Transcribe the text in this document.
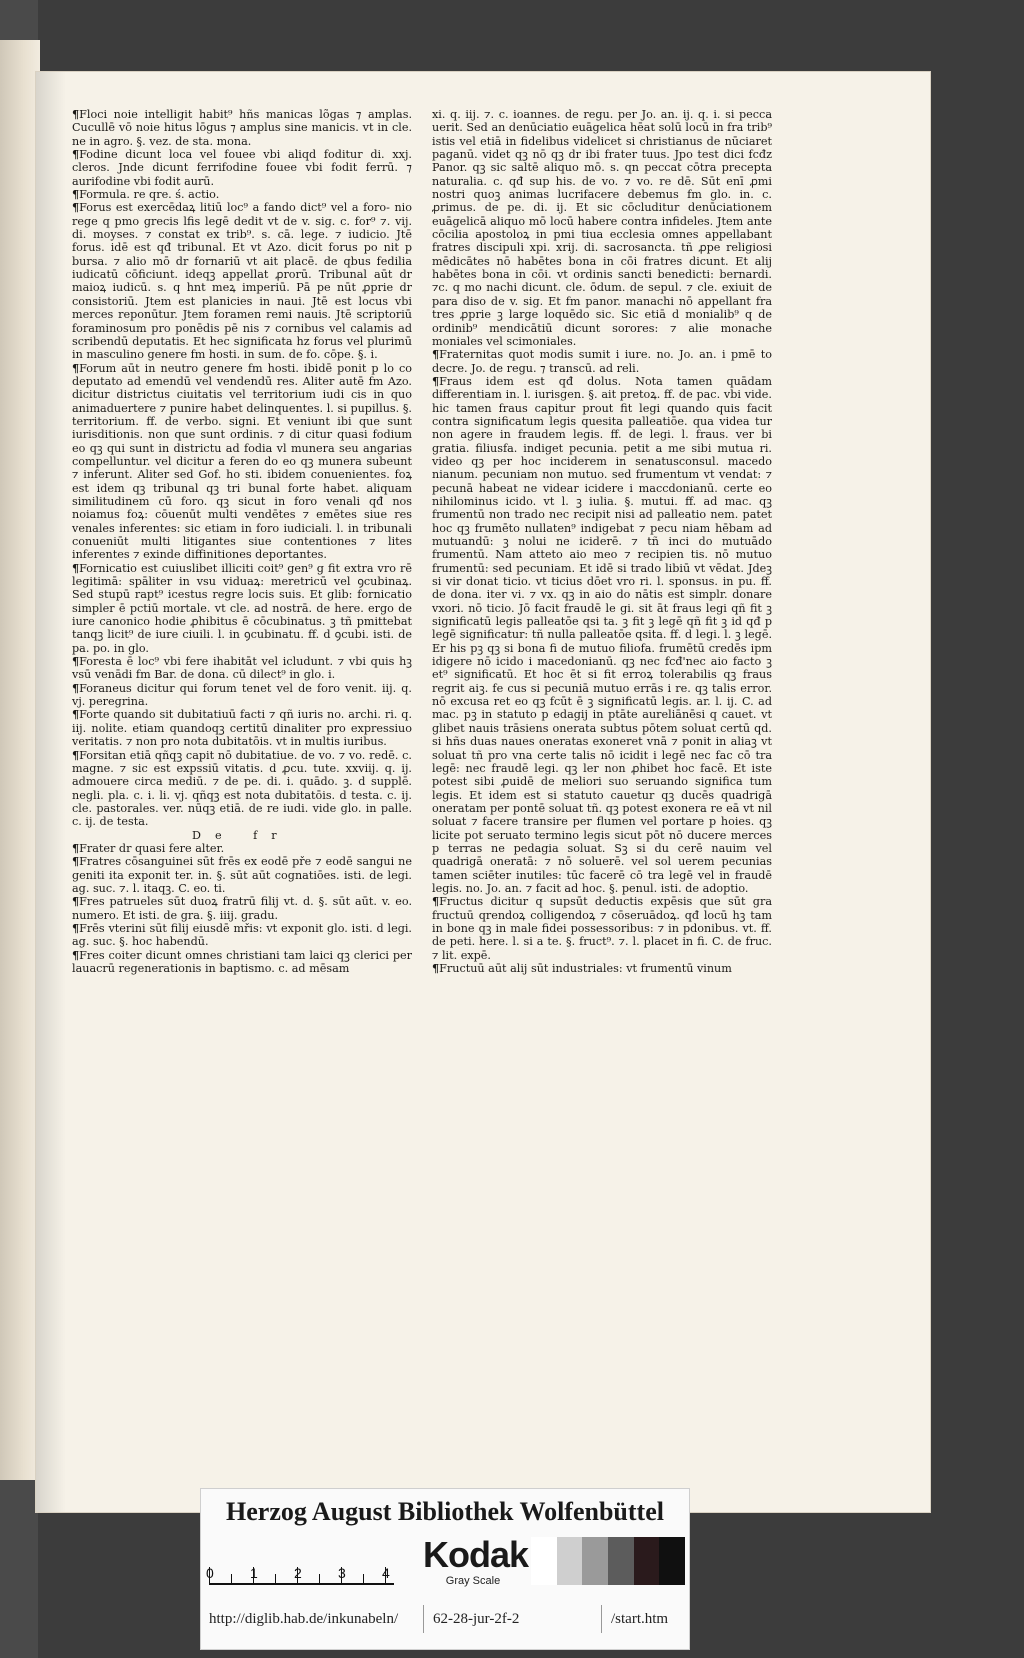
¶ Floci noie intelligit habit⁹ hñs manicas lõgas ⁊ amplas. Cucullē vō noie hitus lōgus ⁊ amplus sine manicis. vt in cle. ne in agro. §. vez. de sta. mona.

¶ Fodine dicunt loca vel fouee vbi aliqd foditur di. xxj. cleros. Jnde dicunt ferrifodine fouee vbi fodit ferrū. ⁊ aurifodine vbi fodit aurū.

¶ Formula. re qre. ś. actio.

¶ Forus est exercēdaꝝ litiū loc⁹ a fando dict⁹ vel a foro- nio rege q pmo grecis lfis legē dedit vt de v. sig. c. for⁹ ⁊. vij. di. moyses. ⁊ constat ex trib⁹. s. cā. lege. ⁊ iudicio. Jtē forus. idē est qđ tribunal. Et vt Azo. dicit forus po nit p bursa. ⁊ alio mō dr fornariū vt ait placē. de qbus fedilia iudicatū cōficiunt. ideqꝫ appellat ꝓrorū. Tribunal aūt dr maioꝝ iudicū. s. q hnt meꝝ imperiū. Pā pe nūt ꝓprie dr consistoriū. Jtem est planicies in naui. Jtē est locus vbi merces reponūtur. Jtem foramen remi nauis. Jtē scriptoriū foraminosum pro ponēdis pē nis ⁊ cornibus vel calamis ad scribendū deputatis. Et hec significata hz forus vel plurimū in masculino genere fm hosti. in sum. de fo. cōpe. §. i.

¶ Forum aūt in neutro genere fm hosti. ibidē ponit p lo co deputato ad emendū vel vendendū res. Aliter autē fm Azo. dicitur districtus ciuitatis vel territorium iudi cis in quo animaduertere ⁊ punire habet delinquentes. l. si pupillus. §. territorium. ff. de verbo. signi. Et veniunt ibi que sunt iurisditionis. non que sunt ordinis. ⁊ di citur quasi fodium eo qꝫ qui sunt in districtu ad fodia vl munera seu angarias compelluntur. vel dicitur a feren do eo qꝫ munera subeunt ⁊ inferunt. Aliter sed Gof. ho sti. ibidem conuenientes. foꝝ est idem qꝫ tribunal qꝫ tri bunal forte habet. aliquam similitudinem cū foro. qꝫ sicut in foro venali qđ nos noiamus foꝝ: cōuenūt multi vendētes ⁊ emētes siue res venales inferentes: sic etiam in foro iudiciali. l. in tribunali conueniūt multi litigantes siue contentiones ⁊ lites inferentes ⁊ exinde diffinitiones deportantes.

¶ Fornicatio est cuiuslibet illiciti coit⁹ gen⁹ g fit extra vro rē legitimā: spāliter in vsu viduaꝝ: meretricū vel ꝯcubinaꝝ. Sed stupū rapt⁹ icestus regre locis suis. Et glib: fornicatio simpler ē pctiū mortale. vt cle. ad nostrā. de here. ergo de iure canonico hodie ꝓhibitus ē cōcubinatus. ꝫ tñ pmittebat tanqꝫ licit⁹ de iure ciuili. l. in ꝯcubinatu. ff. d ꝯcubi. isti. de pa. po. in glo.

¶ Foresta ē loc⁹ vbi fere ihabitāt vel icludunt. ⁊ vbi quis hꝫ vsū venādi fm Bar. de dona. cū dilect⁹ in glo. i.

¶ Foraneus dicitur qui forum tenet vel de foro venit. iij. q. vj. peregrina.

¶ Forte quando sit dubitatiuū facti ⁊ qñ iuris no. archi. ri. q. iij. nolite. etiam quandoqꝫ certitū dinaliter pro expressiuo veritatis. ⁊ non pro nota dubitatōis. vt in multis iuribus.

¶ Forsitan etiā qñqꝫ capit nō dubitatiue. de vo. ⁊ vo. redē. c. magne. ⁊ sic est expssiū vitatis. d ꝓcu. tute. xxviij. q. ij. admouere circa mediū. ⁊ de pe. di. i. quādo. ꝫ. d supplē. negli. pla. c. i. li. vj. qñqꝫ est nota dubitatōis. d testa. c. ij. cle. pastorales. ver. nūqꝫ etiā. de re iudi. vide glo. in palle. c. ij. de testa.

De fr

¶ Frater dr quasi fere alter.

¶ Fratres cōsanguinei sūt frēs ex eodē pře ⁊ eodē sangui ne geniti ita exponit ter. in. §. sūt aūt cognatiōes. isti. de legi. ag. suc. ⁊. l. itaqꝫ. C. eo. ti.

¶ Fres patrueles sūt duoꝝ fratrū filij vt. d. §. sūt aūt. v. eo. numero. Et isti. de gra. §. iiij. gradu.

¶ Frēs vterini sūt filij eiusdē mřis: vt exponit glo. isti. d legi. ag. suc. §. hoc habendū.

¶ Fres coiter dicunt omnes christiani tam laici qꝫ clerici per lauacrū regenerationis in baptismo. c. ad mēsam

xi. q. iij. ⁊. c. ioannes. de regu. per Jo. an. ij. q. i. si pecca uerit. Sed an denūciatio euāgelica hēat solū locū in fra trib⁹ istis vel etiā in fidelibus videlicet si christianus de nūciaret paganū. videt qꝫ nō qꝫ dr ibi frater tuus. Jpo test dici fcđz Panor. qꝫ sic saltē aliquo mō. s. qn peccat cōtra precepta naturalia. c. qđ sup his. de vo. ⁊ vo. re dē. Sūt enī ꝓmi nostri quoꝫ animas lucrifacere debemus fm glo. in. c. ꝓrimus. de pe. di. ij. Et sic cōcluditur denūciationem euāgelicā aliquo mō locū habere contra infideles. Jtem ante cōcilia apostoloꝝ in pmi tiua ecclesia omnes appellabant fratres discipuli xpi. xrij. di. sacrosancta. tñ ꝓpe religiosi mēdicātes nō habētes bona in cōi fratres dicunt. Et alij habētes bona in cōi. vt ordinis sancti benedicti: bernardi. ⁊c. q mo nachi dicunt. cle. ōdum. de sepul. ⁊ cle. exiuit de para diso de v. sig. Et fm panor. manachi nō appellant fra tres ꝓprie ꝫ large loquēdo sic. Sic etiā d monialib⁹ q de ordinib⁹ mendicātiū dicunt sorores: ⁊ alie monache moniales vel scimoniales.

¶ Fraternitas quot modis sumit i iure. no. Jo. an. i pmē to decre. Jo. de regu. ⁊ transcū. ad reli.

¶ Fraus idem est qđ dolus. Nota tamen quādam differentiam in. l. iurisgen. §. ait pretoꝝ. ff. de pac. vbi vide. hic tamen fraus capitur prout fit legi quando quis facit contra significatum legis quesita palleatiōe. qua videa tur non agere in fraudem legis. ff. de legi. l. fraus. ver bi gratia. filiusfa. indiget pecunia. petit a me sibi mutua ri. video qꝫ per hoc inciderem in senatusconsul. macedo nianum. pecuniam non mutuo. sed frumentum vt vendat: ⁊ pecunā habeat ne videar icidere i maccdonianū. certe eo nihilominus icido. vt l. ꝫ iulia. §. mutui. ff. ad mac. qꝫ frumentū non trado nec recipit nisi ad palleatio nem. patet hoc qꝫ frumēto nullaten⁹ indigebat ⁊ pecu niam hēbam ad mutuandū: ꝫ nolui ne iciderē. ⁊ tñ inci do mutuādo frumentū. Nam atteto aio meo ⁊ recipien tis. nō mutuo frumentū: sed pecuniam. Et idē si trado libiū vt vēdat. Jdeꝫ si vir donat ticio. vt ticius dōet vro ri. l. sponsus. in pu. ff. de dona. iter vi. ⁊ vx. qꝫ in aio do nātis est simplr. donare vxori. nō ticio. Jō facit fraudē le gi. sit āt fraus legi qñ fit ꝫ significatū legis palleatōe qsi ta. ꝫ fit ꝫ legē qñ fit ꝫ id qđ p legē significatur: tñ nulla palleatōe qsita. ff. d legi. l. ꝫ legē. Er his pꝫ qꝫ si bona fi de mutuo filiofa. frumētū credēs ipm idigere nō icido i macedonianū. qꝫ nec fcđ'nec aio facto ꝫ et⁹ significatū. Et hoc ēt si fit erroꝝ tolerabilis qꝫ fraus regrit aiꝫ. fe cus si pecuniā mutuo errās i re. qꝫ talis error. nō excusa ret eo qꝫ fcūt ē ꝫ significatū legis. ar. l. ij. C. ad mac. pꝫ in statuto p edagij in ptāte aureliānēsi q cauet. vt glibet nauis trāsiens onerata subtus pōtem soluat certū qd. si hñs duas naues oneratas exoneret vnā ⁊ ponit in aliaꝫ vt soluat tñ pro vna certe talis nō icidit i legē nec fac cō tra legē: nec fraudē legi. qꝫ ler non ꝓhibet hoc facē. Et iste potest sibi ꝓuidē de meliori suo seruando significa tum legis. Et idem est si statuto cauetur qꝫ ducēs quadrigā oneratam per pontē soluat tñ. qꝫ potest exonera re eā vt nil soluat ⁊ facere transire per flumen vel portare p hoies. qꝫ licite pot seruato termino legis sicut pōt nō ducere merces p terras ne pedagia soluat. Sꝫ si du cerē nauim vel quadrigā oneratā: ⁊ nō soluerē. vel sol uerem pecunias tamen sciēter inutiles: tūc facerē cō tra legē vel in fraudē legis. no. Jo. an. ⁊ facit ad hoc. §. penul. isti. de adoptio.

¶ Fructus dicitur q supsūt deductis expēsis que sūt gra fructuū qrendoꝝ colligendoꝝ ⁊ cōseruādoꝝ. qđ locū hꝫ tam in bone qꝫ in male fidei possessoribus: ⁊ in pdonibus. vt. ff. de peti. here. l. si a te. §. fruct⁹. ⁊. l. placet in fi. C. de fruc. ⁊ lit. expē.

¶ Fructuū aūt alij sūt industriales: vt frumentū vinum

Herzog August Bibliothek Wolfenbüttel
0	1	2	3	4 Kodak
Gray Scale
http://diglib.hab.de/inkunabeln/ 62-28-jur-2f-2	/start.htm
